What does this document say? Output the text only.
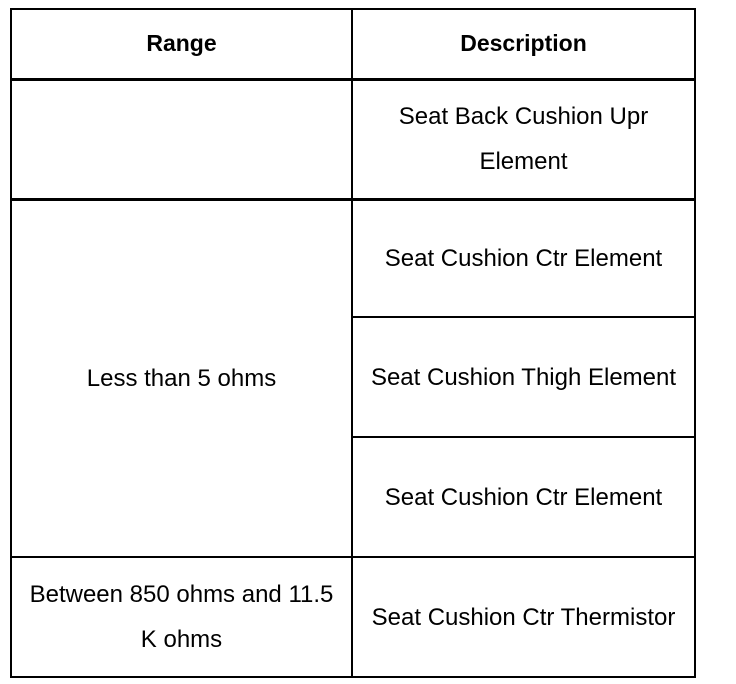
Range	Description
	Seat Back Cushion Upr Element
Less than 5 ohms	Seat Cushion Ctr Element
	Seat Cushion Thigh Element
	Seat Cushion Ctr Element
Between 850 ohms and 11.5 K ohms	Seat Cushion Ctr Thermistor
